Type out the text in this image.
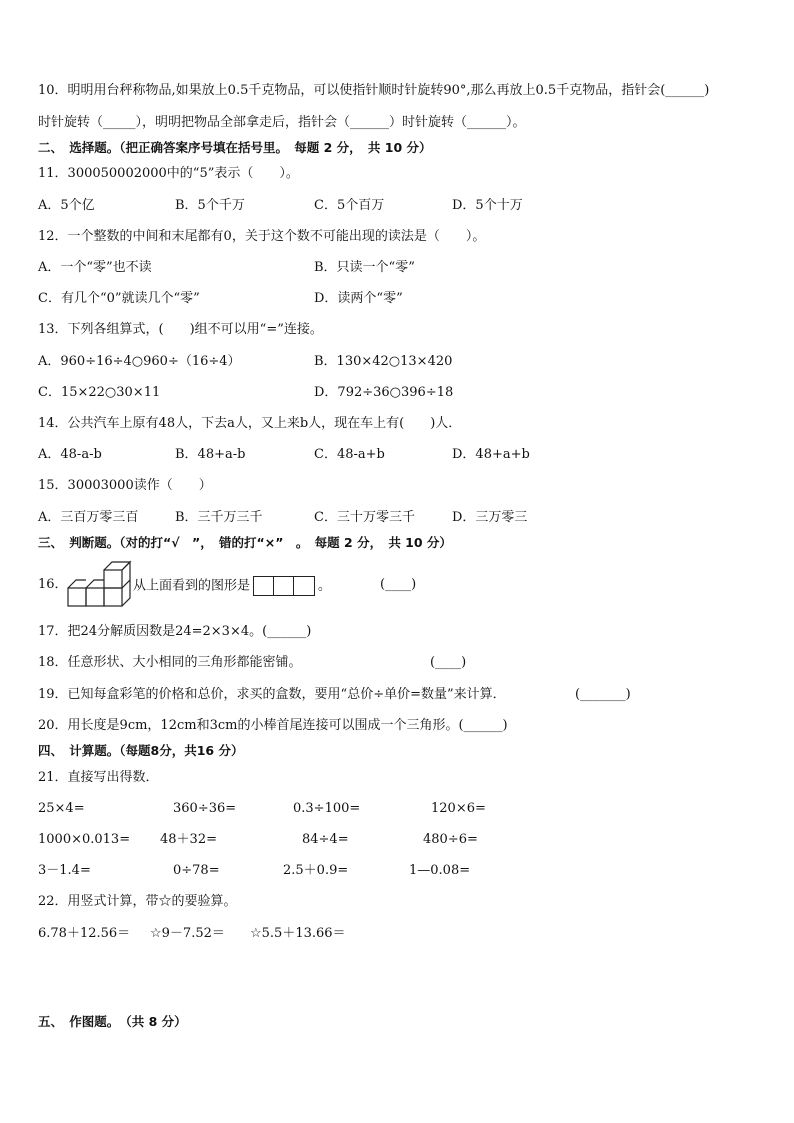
10．明明用台秤称物品,如果放上0.5千克物品，可以使指针顺时针旋转90°,那么再放上0.5千克物品，指针会(______)
时针旋转（_____），明明把物品全部拿走后，指针会（______）时针旋转（______）。
二、　选择题。（把正确答案序号填在括号里。　每题 2 分，　共 10 分）
11．300050002000中的“5”表示（　　）。
A．5个亿	B．5个千万	C．5个百万	D．5个十万
12．一个整数的中间和末尾都有0，关于这个数不可能出现的读法是（　　）。
A．一个“零”也不读	B．只读一个“零”
C．有几个“0”就读几个“零”	D．读两个“零”
13．下列各组算式，(　　)组不可以用“=”连接。
A．960÷16÷4○960÷（16÷4）	B．130×42○13×420
C．15×22○30×11	D．792÷36○396÷18
14．公共汽车上原有48人，下去a人，又上来b人，现在车上有(　　)人．
A．48-a-b	B．48+a-b	C．48-a+b	D．48+a+b
15．30003000读作（　　）
A．三百万零三百	B．三千万三千	C．三十万零三千	D．三万零三
三、　判断题。（对的打“√　”，　错的打“×”　。　每题 2 分，　共 10 分）
16．	从上面看到的图形是	。	(____)
17．把24分解质因数是24=2×3×4。(______)
18．任意形状、大小相同的三角形都能密铺。	(____)
19．已知每盒彩笔的价格和总价，求买的盒数，要用“总价÷单价=数量”来计算．	(_______)
20．用长度是9cm，12cm和3cm的小棒首尾连接可以围成一个三角形。(______)
四、　计算题。（每题8分，共16 分）
21．直接写出得数．
25×4=	360÷36=	0.3÷100=	120×6=
1000×0.013= 48＋32=	84÷4=	480÷6=
3－1.4=	0÷78=	2.5＋0.9=	1—0.08=
22．用竖式计算，带☆的要验算。
6.78＋12.56＝ ☆9－7.52＝ ☆5.5＋13.66＝
五、　作图题。　（共 8 分）
